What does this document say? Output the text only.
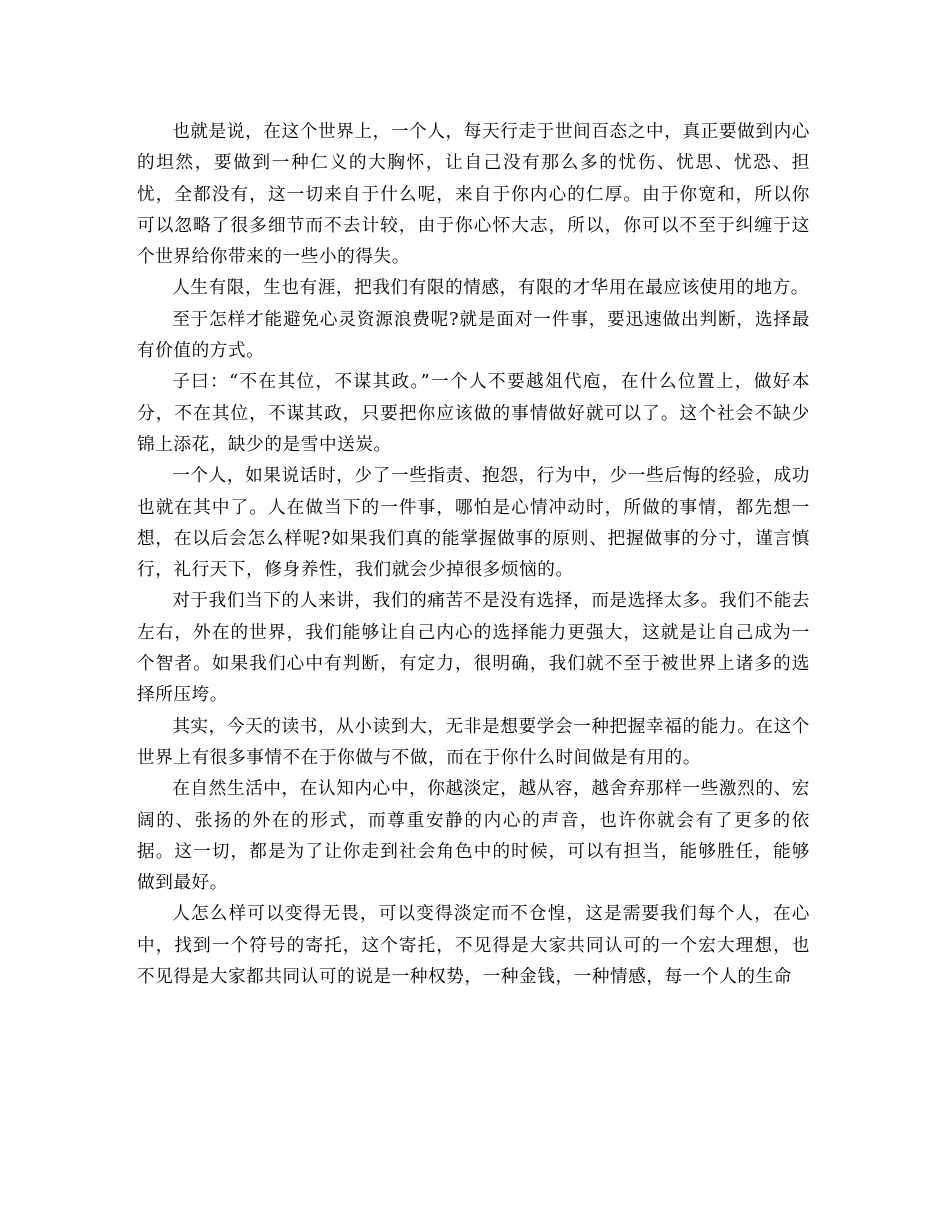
也就是说，在这个世界上，一个人，每天行走于世间百态之中，真正要做到内心的坦然，要做到一种仁义的大胸怀，让自己没有那么多的忧伤、忧思、忧恐、担忧，全都没有，这一切来自于什么呢，来自于你内心的仁厚。由于你宽和，所以你可以忽略了很多细节而不去计较，由于你心怀大志，所以，你可以不至于纠缠于这个世界给你带来的一些小的得失。

人生有限，生也有涯，把我们有限的情感，有限的才华用在最应该使用的地方。

至于怎样才能避免心灵资源浪费呢?就是面对一件事，要迅速做出判断，选择最有价值的方式。

子曰：“不在其位，不谋其政。”一个人不要越俎代庖，在什么位置上，做好本分，不在其位，不谋其政，只要把你应该做的事情做好就可以了。这个社会不缺少锦上添花，缺少的是雪中送炭。

一个人，如果说话时，少了一些指责、抱怨，行为中，少一些后悔的经验，成功也就在其中了。人在做当下的一件事，哪怕是心情冲动时，所做的事情，都先想一想，在以后会怎么样呢?如果我们真的能掌握做事的原则、把握做事的分寸，谨言慎行，礼行天下，修身养性，我们就会少掉很多烦恼的。

对于我们当下的人来讲，我们的痛苦不是没有选择，而是选择太多。我们不能去左右，外在的世界，我们能够让自己内心的选择能力更强大，这就是让自己成为一个智者。如果我们心中有判断，有定力，很明确，我们就不至于被世界上诸多的选择所压垮。

其实，今天的读书，从小读到大，无非是想要学会一种把握幸福的能力。在这个世界上有很多事情不在于你做与不做，而在于你什么时间做是有用的。

在自然生活中，在认知内心中，你越淡定，越从容，越舍弃那样一些激烈的、宏阔的、张扬的外在的形式，而尊重安静的内心的声音，也许你就会有了更多的依据。这一切，都是为了让你走到社会角色中的时候，可以有担当，能够胜任，能够做到最好。

人怎么样可以变得无畏，可以变得淡定而不仓惶，这是需要我们每个人，在心中，找到一个符号的寄托，这个寄托，不见得是大家共同认可的一个宏大理想，也不见得是大家都共同认可的说是一种权势，一种金钱，一种情感，每一个人的生命
